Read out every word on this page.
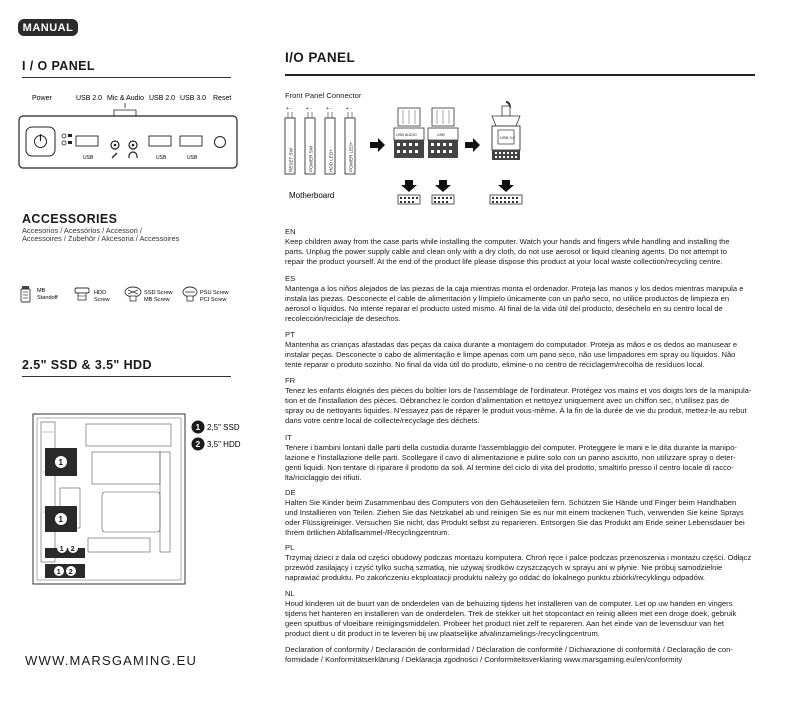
MANUAL
I / O PANEL
Power	USB 2.0 Mic & Audio USB 2.0 USB 3.0 Reset
USB	USB	USB
ACCESSORIES
Accesorios / Acessórios / Accessori /
Accessoires / Zubehör / Akcesoria / Accessoires
MB
Standoff
HDD
Screw
SSD Screw
MB Screw
PSU Screw
PCI Screw
2.5" SSD & 3.5" HDD
1
1
1 2
1 2
1 2,5" SSD
2 3,5" HDD
WWW.MARSGAMING.EU
I/O PANEL
Front Panel Connector
+ -	+ -	+ -	+ -
RESET SW	POWER SW	HDD LED+	POWER LED+
Motherboard
USB AUDIO	USB	USB 3.0
EN
Keep children away from the case parts while installing the computer. Watch your hands and fingers while handling and installing the
parts. Unplug the power supply cable and clean only with a dry cloth, do not use aerosol or liquid cleaning agents. Do not attempt to
repair the product yourself. At the end of the product life please dispose this product at your local waste collection/recycling centre.
ES
Mantenga a los niños alejados de las piezas de la caja mientras monta el ordenador. Proteja las manos y los dedos mientras manipula e
instala las piezas. Desconecte el cable de alimentación y límpielo únicamente con un paño seco, no utilice productos de limpieza en
aerosol o líquidos. No intente reparar el producto usted mismo. Al final de la vida útil del producto, deséchelo en su centro local de
recolección/reciclaje de desechos.
PT
Mantenha as crianças afastadas das peças da caixa durante a montagem do computador. Proteja as mãos e os dedos ao manusear e
instalar peças. Desconecte o cabo de alimentação e limpe apenas com um pano seco, não use limpadores em spray ou líquidos. Não
tente reparar o produto sozinho. No final da vida útil do produto, elimine-o no centro de reciclagem/recolha de resíduos local.
FR
Tenez les enfants éloignés des pièces du boîtier lors de l'assemblage de l'ordinateur. Protégez vos mains et vos doigts lors de la manipula-
tion et de l'installation des pièces. Débranchez le cordon d'alimentation et nettoyez uniquement avec un chiffon sec, n'utilisez pas de
spray ou de nettoyants liquides. N'essayez pas de réparer le produit vous-même. À la fin de la durée de vie du produit, mettez-le au rebut
dans votre centre local de collecte/recyclage des déchets.
IT
Tenere i bambini lontani dalle parti della custodia durante l'assemblaggio del computer. Proteggere le mani e le dita durante la manipo-
lazione e l'installazione delle parti. Scollegare il cavo di alimentazione e pulire solo con un panno asciutto, non utilizzare spray o deter-
genti liquidi. Non tentare di riparare il prodotto da soli. Al termine del ciclo di vita del prodotto, smaltirlo presso il centro locale di racco-
lta/riciclaggio dei rifiuti.
DE
Halten Sie Kinder beim Zusammenbau des Computers von den Gehäuseteilen fern. Schützen Sie Hände und Finger beim Handhaben
und Installieren von Teilen. Ziehen Sie das Netzkabel ab und reinigen Sie es nur mit einem trockenen Tuch, verwenden Sie keine Sprays
oder Flüssigreiniger. Versuchen Sie nicht, das Produkt selbst zu reparieren. Entsorgen Sie das Produkt am Ende seiner Lebensdauer bei
Ihrem örtlichen Abfallsammel-/Recyclingzentrum.
PL
Trzymaj dzieci z dala od części obudowy podczas montażu komputera. Chroń ręce i palce podczas przenoszenia i montażu części. Odłącz
przewód zasilający i czyść tylko suchą szmatką, nie używaj środków czyszczących w sprayu ani w płynie. Nie próbuj samodzielnie
naprawiać produktu. Po zakończeniu eksploatacji produktu należy go oddać do lokalnego punktu zbiórki/recyklingu odpadów.
NL
Houd kinderen uit de buurt van de onderdelen van de behuizing tijdens het installeren van de computer. Let op uw handen en vingers
tijdens het hanteren en installeren van de onderdelen. Trek de stekker uit het stopcontact en reinig alleen met een droge doek, gebruik
geen spuitbus of vloeibare reinigingsmiddelen. Probeer het product niet zelf te repareren. Aan het einde van de levensduur van het
product dient u dit product in te leveren bij uw plaatselijke afvalinzamelings-/recyclingcentrum.
Declaration of conformity / Declaración de conformidad / Déclaration de conformité / Dichiarazione di conformità / Declaração de con-
formidade / Konformitätserklärung / Deklaracja zgodności / Conformiteitsverklaring www.marsgaming.eu/en/conformity
